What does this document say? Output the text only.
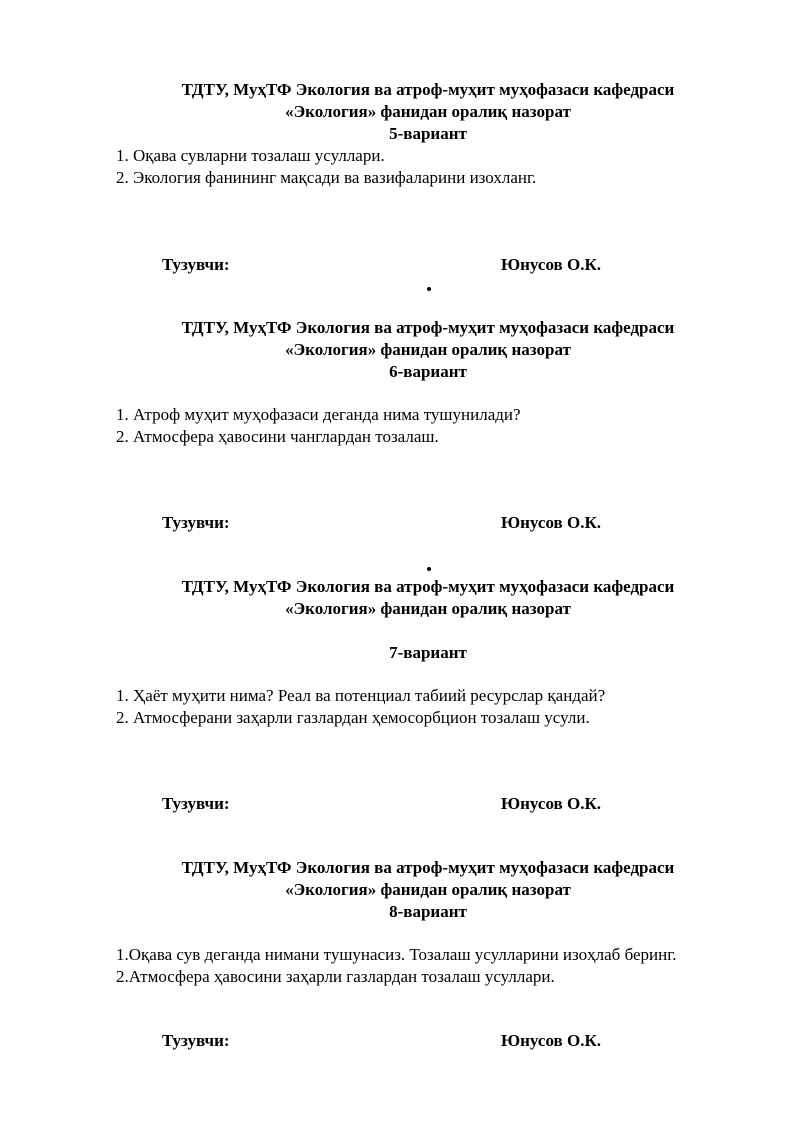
ТДТУ, МуҳТФ Экология ва атроф-муҳит муҳофазаси кафедраси
«Экология» фанидан оралиқ назорат
5-вариант
1. Оқава сувларни тозалаш усуллари.
2. Экология фанининг мақсади ва вазифаларини изохланг.
Тузувчи:	Юнусов О.К.
ТДТУ, МуҳТФ Экология ва атроф-муҳит муҳофазаси кафедраси
«Экология» фанидан оралиқ назорат
6-вариант
1. Атроф муҳит муҳофазаси деганда нима тушунилади?
2. Атмосфера ҳавосини чанглардан тозалаш.
Тузувчи:	Юнусов О.К.
ТДТУ, МуҳТФ Экология ва атроф-муҳит муҳофазаси кафедраси
«Экология» фанидан оралиқ назорат
7-вариант
1. Ҳаёт муҳити нима? Реал ва потенциал табиий ресурслар қандай?
2. Атмосферани заҳарли газлардан ҳемосорбцион тозалаш усули.
Тузувчи:	Юнусов О.К.
ТДТУ, МуҳТФ Экология ва атроф-муҳит муҳофазаси кафедраси
«Экология» фанидан оралиқ назорат
8-вариант
1.Оқава сув деганда нимани тушунасиз. Тозалаш усулларини изоҳлаб беринг.
2.Атмосфера ҳавосини заҳарли газлардан тозалаш усуллари.
Тузувчи:	Юнусов О.К.
